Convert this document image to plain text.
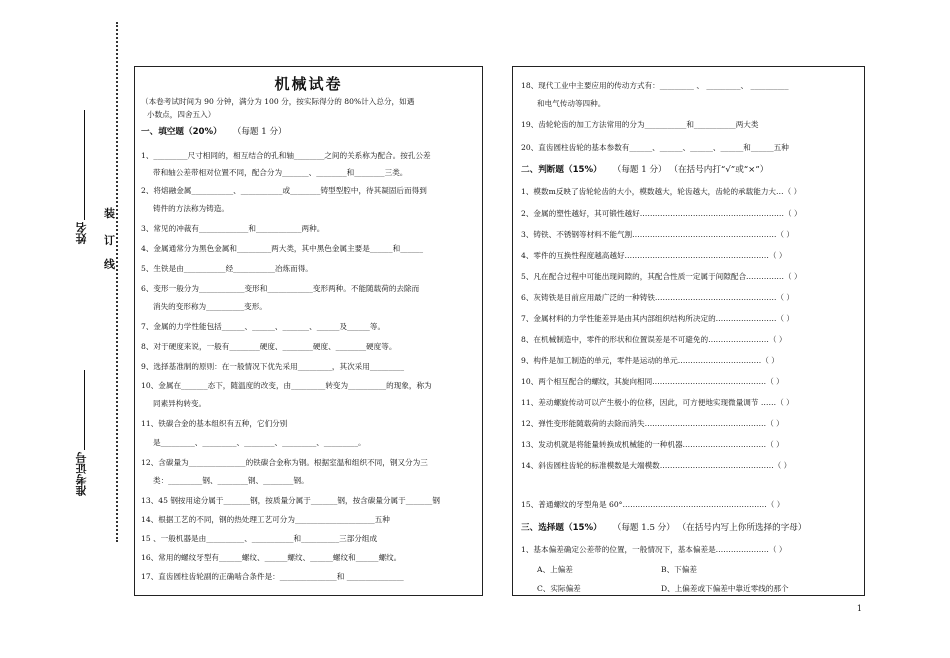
姓名
准考证号
装
订
线
机械试卷
（本卷考试时间为 90 分钟，满分为 100 分，按实际得分的 80%计入总分，如遇
小数点，四舍五入）
一、填空题（20%） （每题 1 分）
1、_________尺寸相同的，相互结合的孔和轴________之间的关系称为配合。按孔公差
带和轴公差带相对位置不同，配合分为_______、________和________三类。
2、将熔融金属___________、___________或________铸型型腔中，待其凝固后而得到
铸件的方法称为铸造。
3、常见的冲裁有_____________和____________两种。
4、金属通常分为黑色金属和_________两大类，其中黑色金属主要是______和______
5、生铁是由___________经___________冶炼而得。
6、变形一般分为____________变形和____________变形两种。不能随载荷的去除而
消失的变形称为__________变形。
7、金属的力学性能包括______、______、_______、______及______等。
8、对于硬度来说，一般有________硬度、________硬度、________硬度等。
9、选择基准制的原则：在一般情况下优先采用_________，其次采用_________
10、金属在_______态下，随温度的改变，由_________转变为__________的现象，称为
同素异构转变。
11、铁碳合金的基本组织有五种，它们分别
是_________、_________、________、_________、_________。
12、含碳量为_______________的铁碳合金称为钢。根据室温和组织不同，钢又分为三
类：_________钢、________钢、________钢。
13、45 钢按用途分属于_______钢，按质量分属于_______钢，按含碳量分属于_______钢
14、根据工艺的不同，钢的热处理工艺可分为_____________________五种
15 、一般机器是由__________、___________和__________三部分组成
16、常用的螺纹牙型有______螺纹、______螺纹、______螺纹和______螺纹。
17、直齿圆柱齿轮副的正确啮合条件是：_______________和 _______________
18、现代工业中主要应用的传动方式有：_________ 、 _________、 __________
和电气传动等四种。
19、齿轮轮齿的加工方法常用的分为___________和___________两大类
20、直齿圆柱齿轮的基本参数有______、______、______、______和______五种
二、判断题（15%） （每题 1 分） （在括号内打“√”或“×”）
1、模数m反映了齿轮轮齿的大小，模数越大，轮齿越大，齿轮的承载能力大…（ ）
2、金属的塑性越好，其可锻性越好…………………………………………………（ ）
3、铸铁、不锈钢等材料不能气割…………………………………………………（ ）
4、零件的互换性程度越高越好…………………………………………………（ ）
5、凡在配合过程中可能出现间隙的，其配合性质一定属于间隙配合……………（ ）
6、灰铸铁是目前应用最广泛的一种铸铁…………………………………………（ ）
7、金属材料的力学性能差异是由其内部组织结构所决定的……………………（ ）
8、在机械制造中，零件的形状和位置误差是不可避免的……………………（ ）
9、构件是加工制造的单元，零件是运动的单元……………………………（ ）
10、两个相互配合的螺纹，其旋向相同………………………………………（ ）
11、差动螺旋传动可以产生极小的位移，因此，可方便地实现微量调节 ……（ ）
12、弹性变形能随载荷的去除而消失…………………………………………（ ）
13、发动机就是将能量转换成机械能的一种机器……………………………（ ）
14、斜齿圆柱齿轮的标准模数是大端模数………………………………………（ ）
15、普通螺纹的牙型角是 60°…………………………………………………（ ）
三、选择题（15%） （每题 1.5 分） （在括号内写上你所选择的字母）
1、基本偏差确定公差带的位置，一般情况下，基本偏差是…………………（ ）
A、上偏差	B、下偏差
C、实际偏差	D、上偏差或下偏差中靠近零线的那个
1
